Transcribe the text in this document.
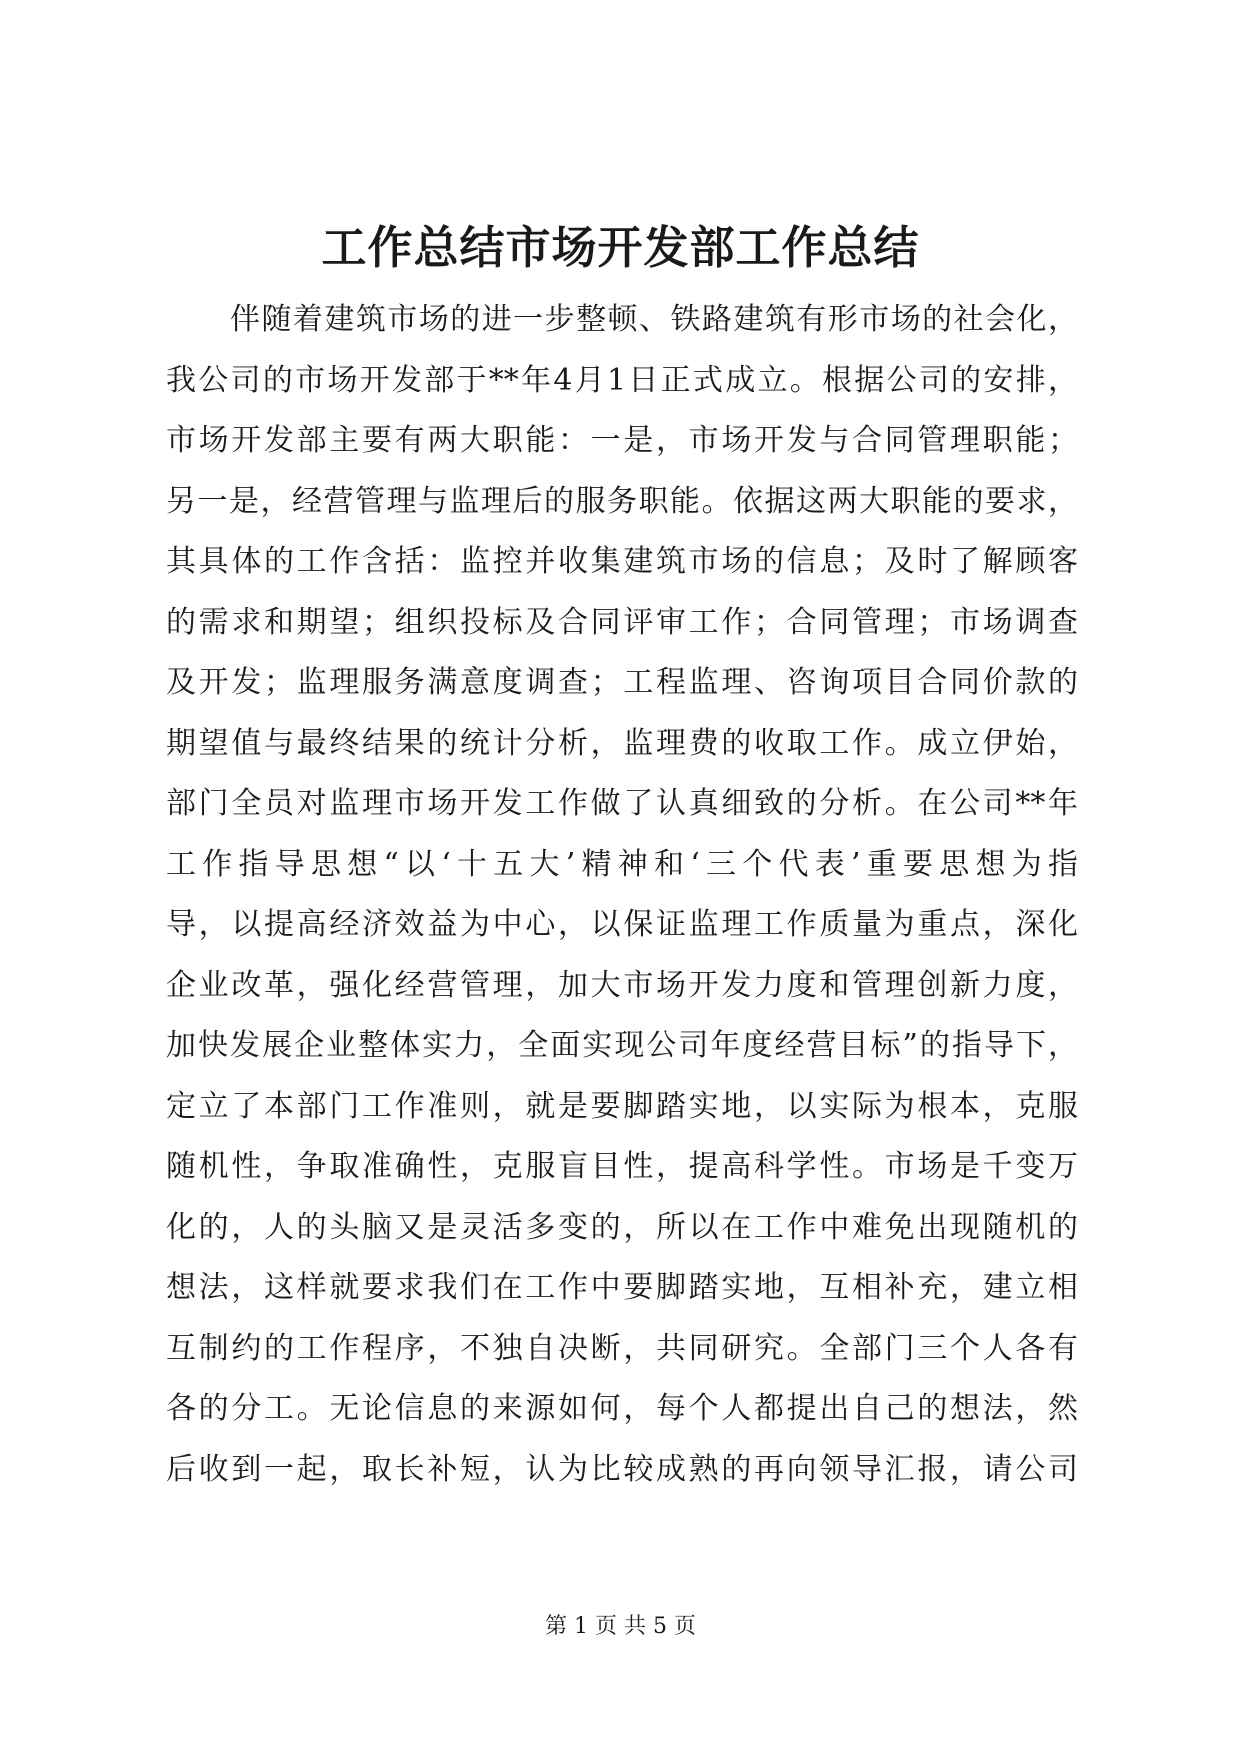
工作总结市场开发部工作总结
伴随着建筑市场的进一步整顿、铁路建筑有形市场的社会化，
我公司的市场开发部于**年4月1日正式成立。根据公司的安排，
市场开发部主要有两大职能：一是，市场开发与合同管理职能；
另一是，经营管理与监理后的服务职能。依据这两大职能的要求，
其具体的工作含括：监控并收集建筑市场的信息；及时了解顾客
的需求和期望；组织投标及合同评审工作；合同管理；市场调查
及开发；监理服务满意度调查；工程监理、咨询项目合同价款的
期望值与最终结果的统计分析，监理费的收取工作。成立伊始，
部门全员对监理市场开发工作做了认真细致的分析。在公司**年
工作指导思想“以‘十五大’精神和‘三个代表’重要思想为指
导，以提高经济效益为中心，以保证监理工作质量为重点，深化
企业改革，强化经营管理，加大市场开发力度和管理创新力度，
加快发展企业整体实力，全面实现公司年度经营目标”的指导下，
定立了本部门工作准则，就是要脚踏实地，以实际为根本，克服
随机性，争取准确性，克服盲目性，提高科学性。市场是千变万
化的，人的头脑又是灵活多变的，所以在工作中难免出现随机的
想法，这样就要求我们在工作中要脚踏实地，互相补充，建立相
互制约的工作程序，不独自决断，共同研究。全部门三个人各有
各的分工。无论信息的来源如何，每个人都提出自己的想法，然
后收到一起，取长补短，认为比较成熟的再向领导汇报，请公司
第 1 页 共 5 页
